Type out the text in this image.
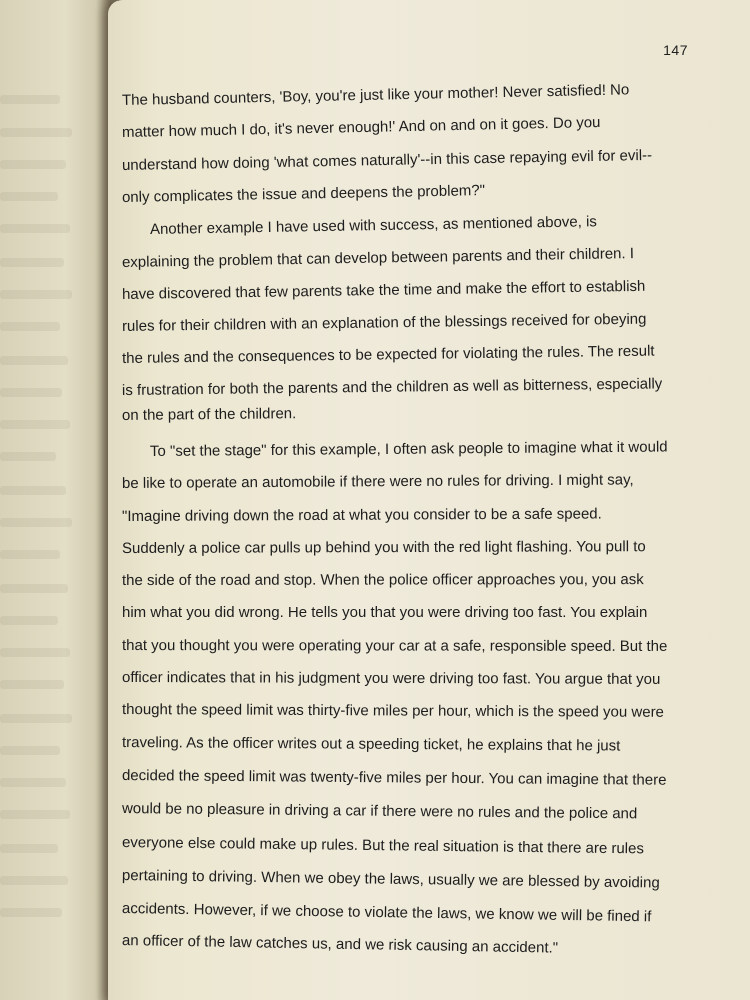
147

The husband counters, 'Boy, you're just like your mother! Never satisfied! No

matter how much I do, it's never enough!' And on and on it goes. Do you

understand how doing 'what comes naturally'--in this case repaying evil for evil--

only complicates the issue and deepens the problem?"

Another example I have used with success, as mentioned above, is

explaining the problem that can develop between parents and their children. I

have discovered that few parents take the time and make the effort to establish

rules for their children with an explanation of the blessings received for obeying

the rules and the consequences to be expected for violating the rules. The result

is frustration for both the parents and the children as well as bitterness, especially

on the part of the children.

To "set the stage" for this example, I often ask people to imagine what it would

be like to operate an automobile if there were no rules for driving. I might say,

"Imagine driving down the road at what you consider to be a safe speed.

Suddenly a police car pulls up behind you with the red light flashing. You pull to

the side of the road and stop. When the police officer approaches you, you ask

him what you did wrong. He tells you that you were driving too fast. You explain

that you thought you were operating your car at a safe, responsible speed. But the

officer indicates that in his judgment you were driving too fast. You argue that you

thought the speed limit was thirty-five miles per hour, which is the speed you were

traveling. As the officer writes out a speeding ticket, he explains that he just

decided the speed limit was twenty-five miles per hour. You can imagine that there

would be no pleasure in driving a car if there were no rules and the police and

everyone else could make up rules. But the real situation is that there are rules

pertaining to driving. When we obey the laws, usually we are blessed by avoiding

accidents. However, if we choose to violate the laws, we know we will be fined if

an officer of the law catches us, and we risk causing an accident."
